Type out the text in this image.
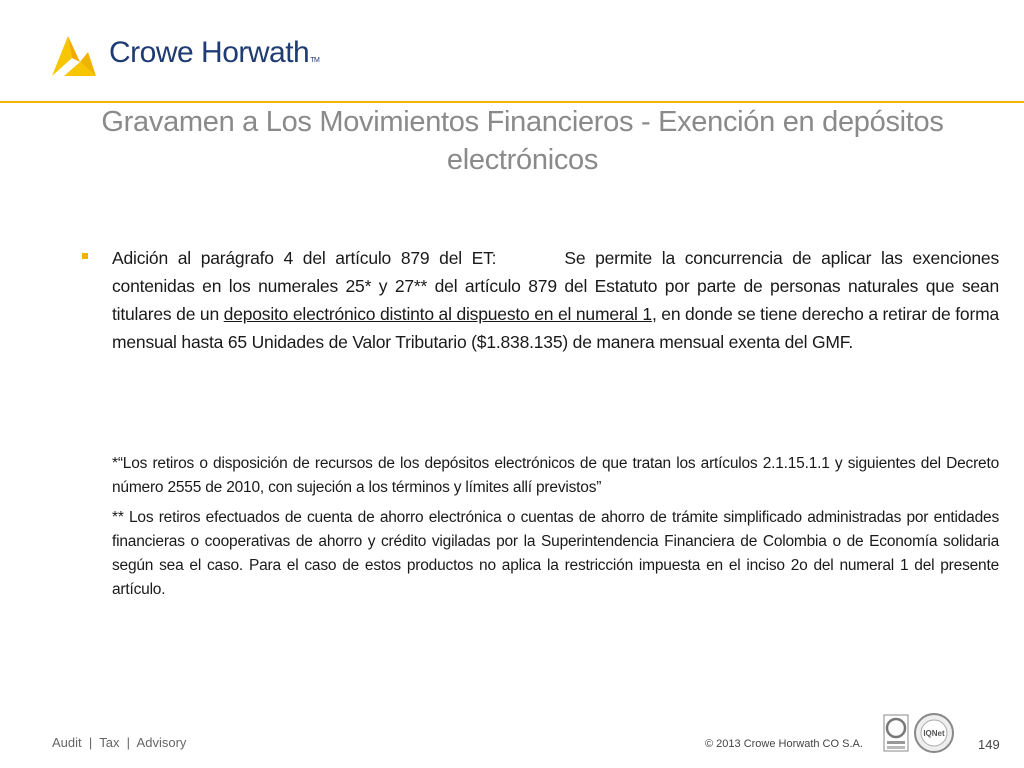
Crowe HorwathTM
Gravamen a Los Movimientos Financieros - Exención en depósitos electrónicos
Adición al parágrafo 4 del artículo 879 del ET:	Se permite la concurrencia de aplicar las exenciones contenidas en los numerales 25* y 27** del artículo 879 del Estatuto por parte de personas naturales que sean titulares de un deposito electrónico distinto al dispuesto en el numeral 1, en donde se tiene derecho a retirar de forma mensual hasta 65 Unidades de Valor Tributario ($1.838.135) de manera mensual exenta del GMF.
*“Los retiros o disposición de recursos de los depósitos electrónicos de que tratan los artículos 2.1.15.1.1 y siguientes del Decreto número 2555 de 2010, con sujeción a los términos y límites allí previstos”
** Los retiros efectuados de cuenta de ahorro electrónica o cuentas de ahorro de trámite simplificado administradas por entidades financieras o cooperativas de ahorro y crédito vigiladas por la Superintendencia Financiera de Colombia o de Economía solidaria según sea el caso. Para el caso de estos productos no aplica la restricción impuesta en el inciso 2o del numeral 1 del presente artículo.
Audit  |  Tax  |  Advisory	© 2013 Crowe Horwath CO S.A.
IQNet
149
